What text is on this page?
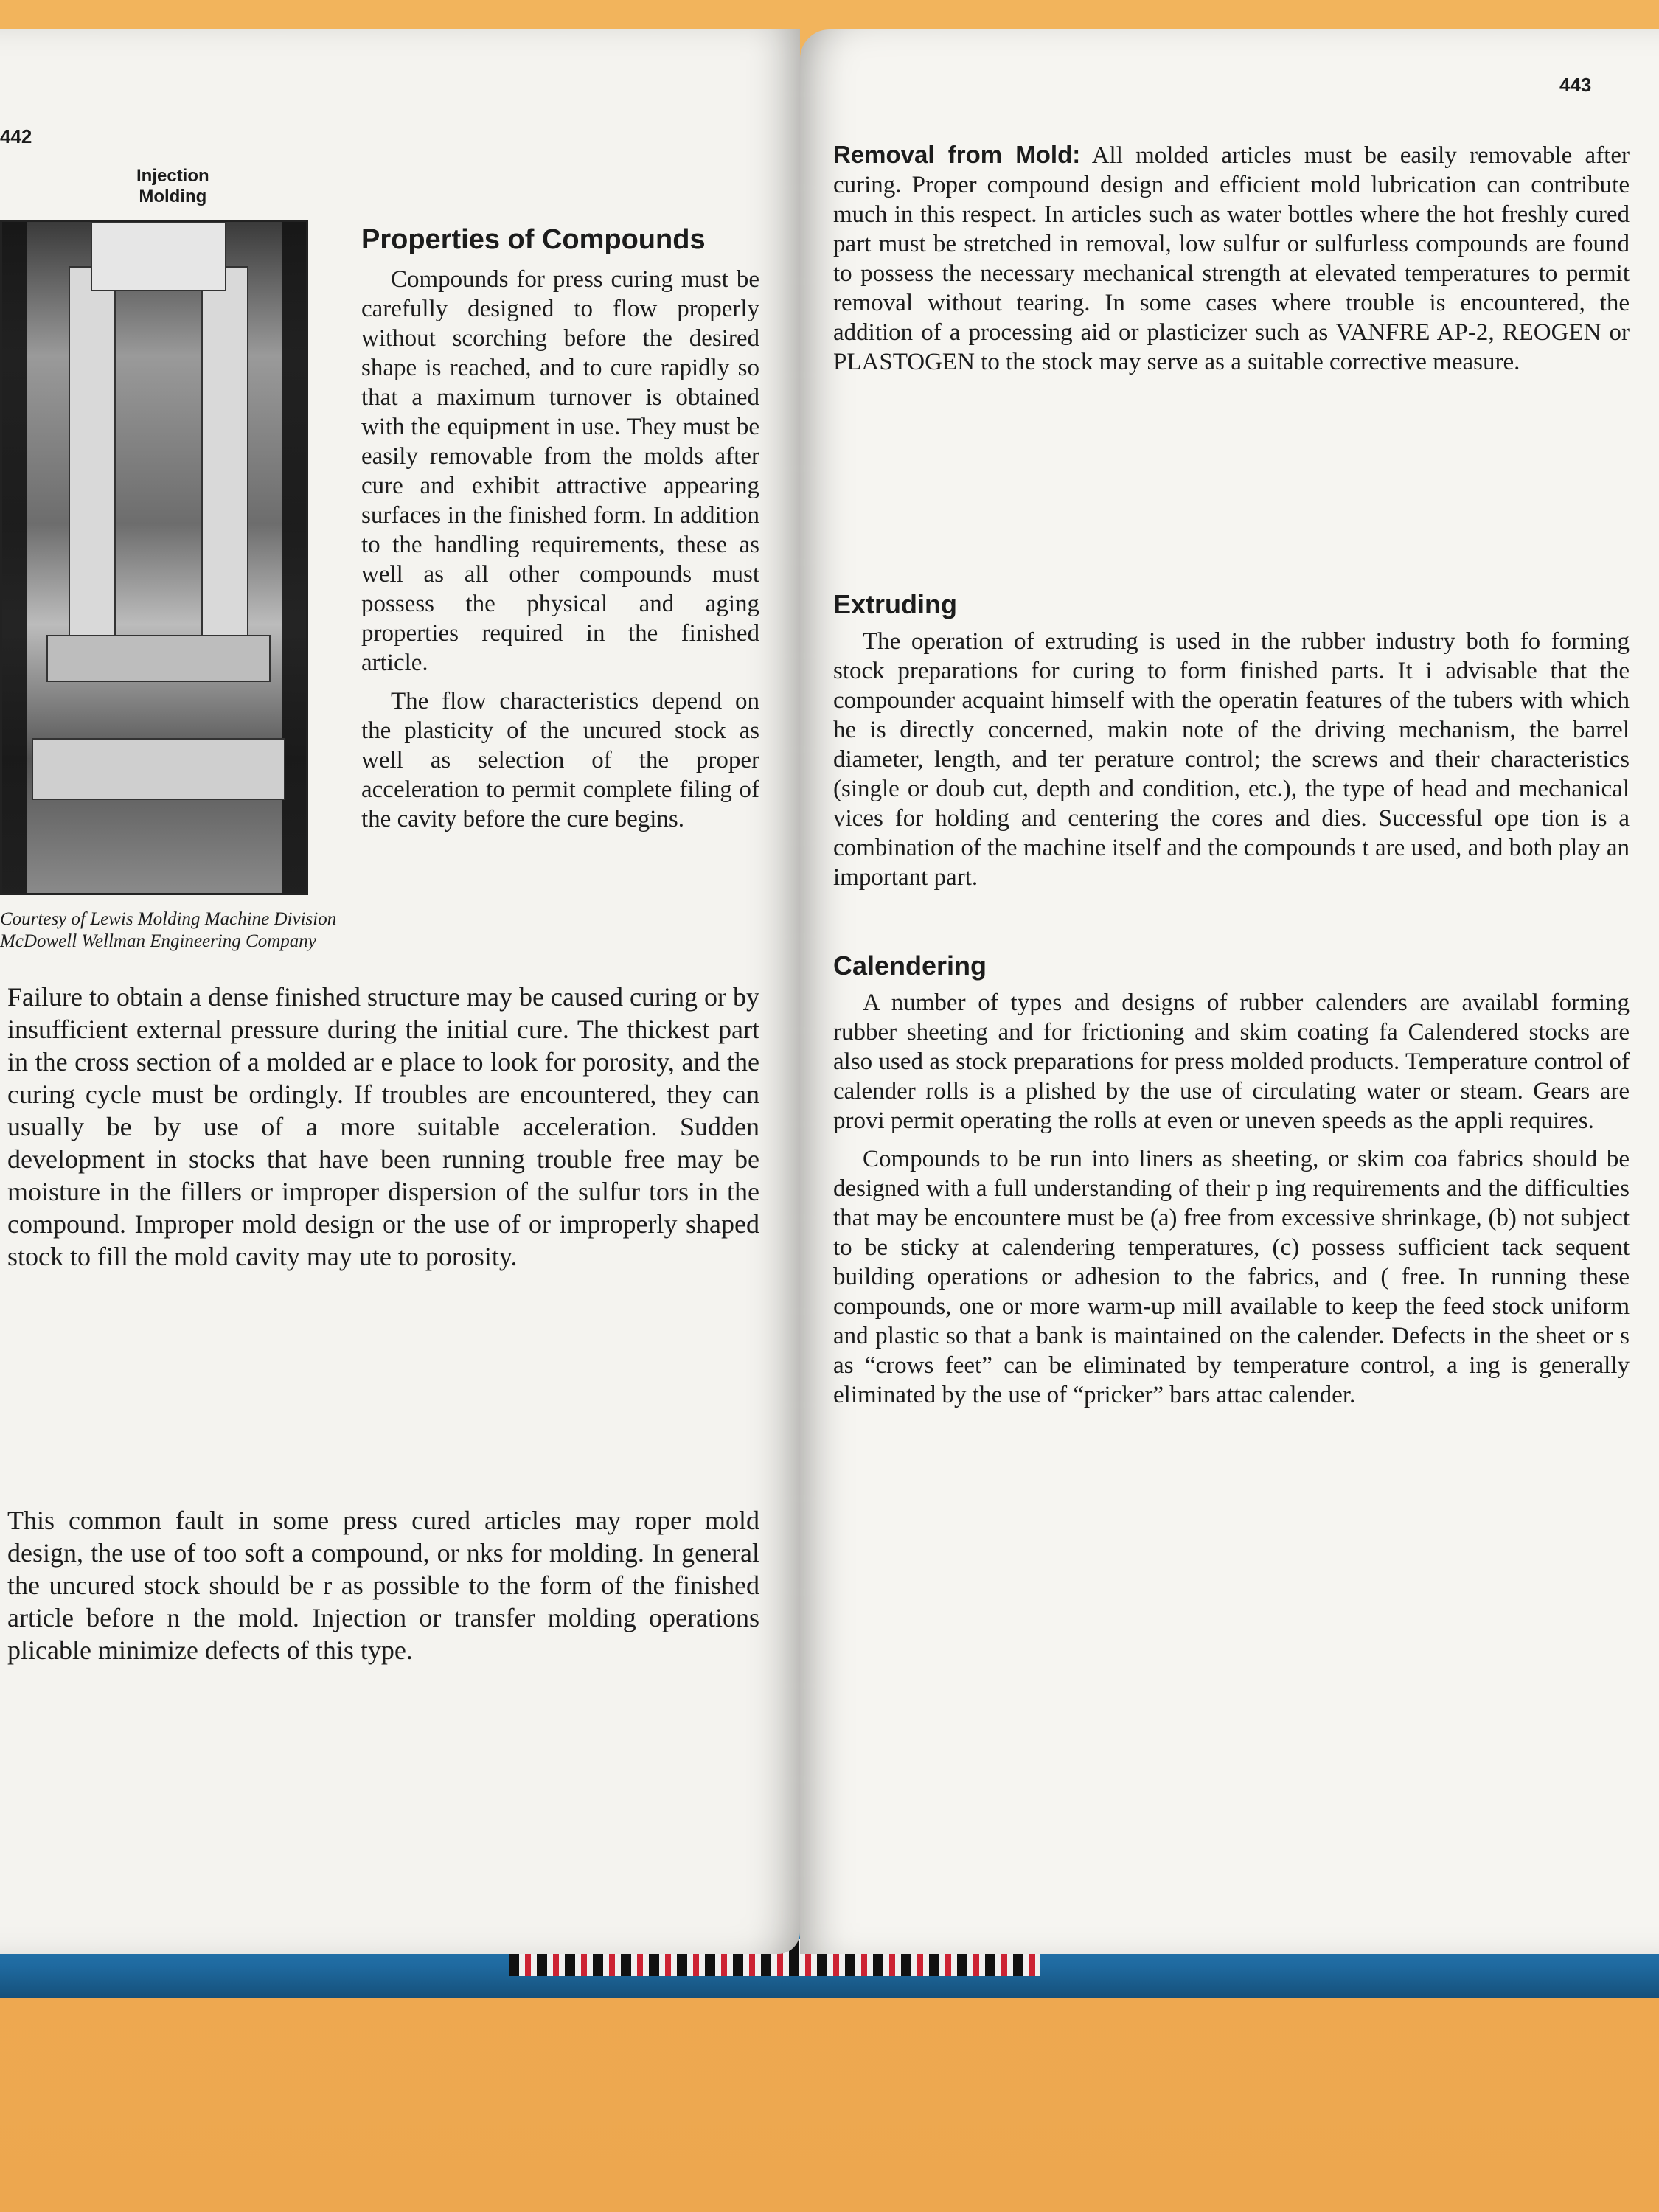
442
Injection
Molding
Courtesy of Lewis Molding Machine Division
McDowell Wellman Engineering Company
Properties of Compounds

Compounds for press curing must be carefully designed to flow properly without scorching before the desired shape is reached, and to cure rapidly so that a maximum turnover is obtained with the equipment in use. They must be easily removable from the molds after cure and exhibit attractive appearing surfaces in the finished form. In addition to the handling requirements, these as well as all other compounds must possess the physical and aging properties required in the finished article.

The flow characteristics depend on the plasticity of the uncured stock as well as selection of the proper acceleration to permit complete filing of the cavity before the cure begins.

Failure to obtain a dense finished structure may be caused curing or by insufficient external pressure during the initial cure. The thickest part in the cross section of a molded ar e place to look for porosity, and the curing cycle must be ordingly. If troubles are encountered, they can usually be by use of a more suitable acceleration. Sudden development in stocks that have been running trouble free may be moisture in the fillers or improper dispersion of the sulfur tors in the compound. Improper mold design or the use of or improperly shaped stock to fill the mold cavity may ute to porosity.

This common fault in some press cured articles may roper mold design, the use of too soft a compound, or nks for molding. In general the uncured stock should be r as possible to the form of the finished article before n the mold. Injection or transfer molding operations plicable minimize defects of this type.

443

Removal from Mold: All molded articles must be easily removable after curing. Proper compound design and efficient mold lubrication can contribute much in this respect. In articles such as water bottles where the hot freshly cured part must be stretched in removal, low sulfur or sulfurless compounds are found to possess the necessary mechanical strength at elevated temperatures to permit removal without tearing. In some cases where trouble is encountered, the addition of a processing aid or plasticizer such as VANFRE AP-2, REOGEN or PLASTOGEN to the stock may serve as a suitable corrective measure.

Extruding

The operation of extruding is used in the rubber industry both fo forming stock preparations for curing to form finished parts. It i advisable that the compounder acquaint himself with the operatin features of the tubers with which he is directly concerned, makin note of the driving mechanism, the barrel diameter, length, and ter perature control; the screws and their characteristics (single or doub cut, depth and condition, etc.), the type of head and mechanical vices for holding and centering the cores and dies. Successful ope tion is a combination of the machine itself and the compounds t are used, and both play an important part.

Calendering

A number of types and designs of rubber calenders are availabl forming rubber sheeting and for frictioning and skim coating fa Calendered stocks are also used as stock preparations for press molded products. Temperature control of calender rolls is a plished by the use of circulating water or steam. Gears are provi permit operating the rolls at even or uneven speeds as the appli requires.

Compounds to be run into liners as sheeting, or skim coa fabrics should be designed with a full understanding of their p ing requirements and the difficulties that may be encountere must be (a) free from excessive shrinkage, (b) not subject to be sticky at calendering temperatures, (c) possess sufficient tack sequent building operations or adhesion to the fabrics, and ( free. In running these compounds, one or more warm-up mill available to keep the feed stock uniform and plastic so that a bank is maintained on the calender. Defects in the sheet or s as “crows feet” can be eliminated by temperature control, a ing is generally eliminated by the use of “pricker” bars attac calender.
